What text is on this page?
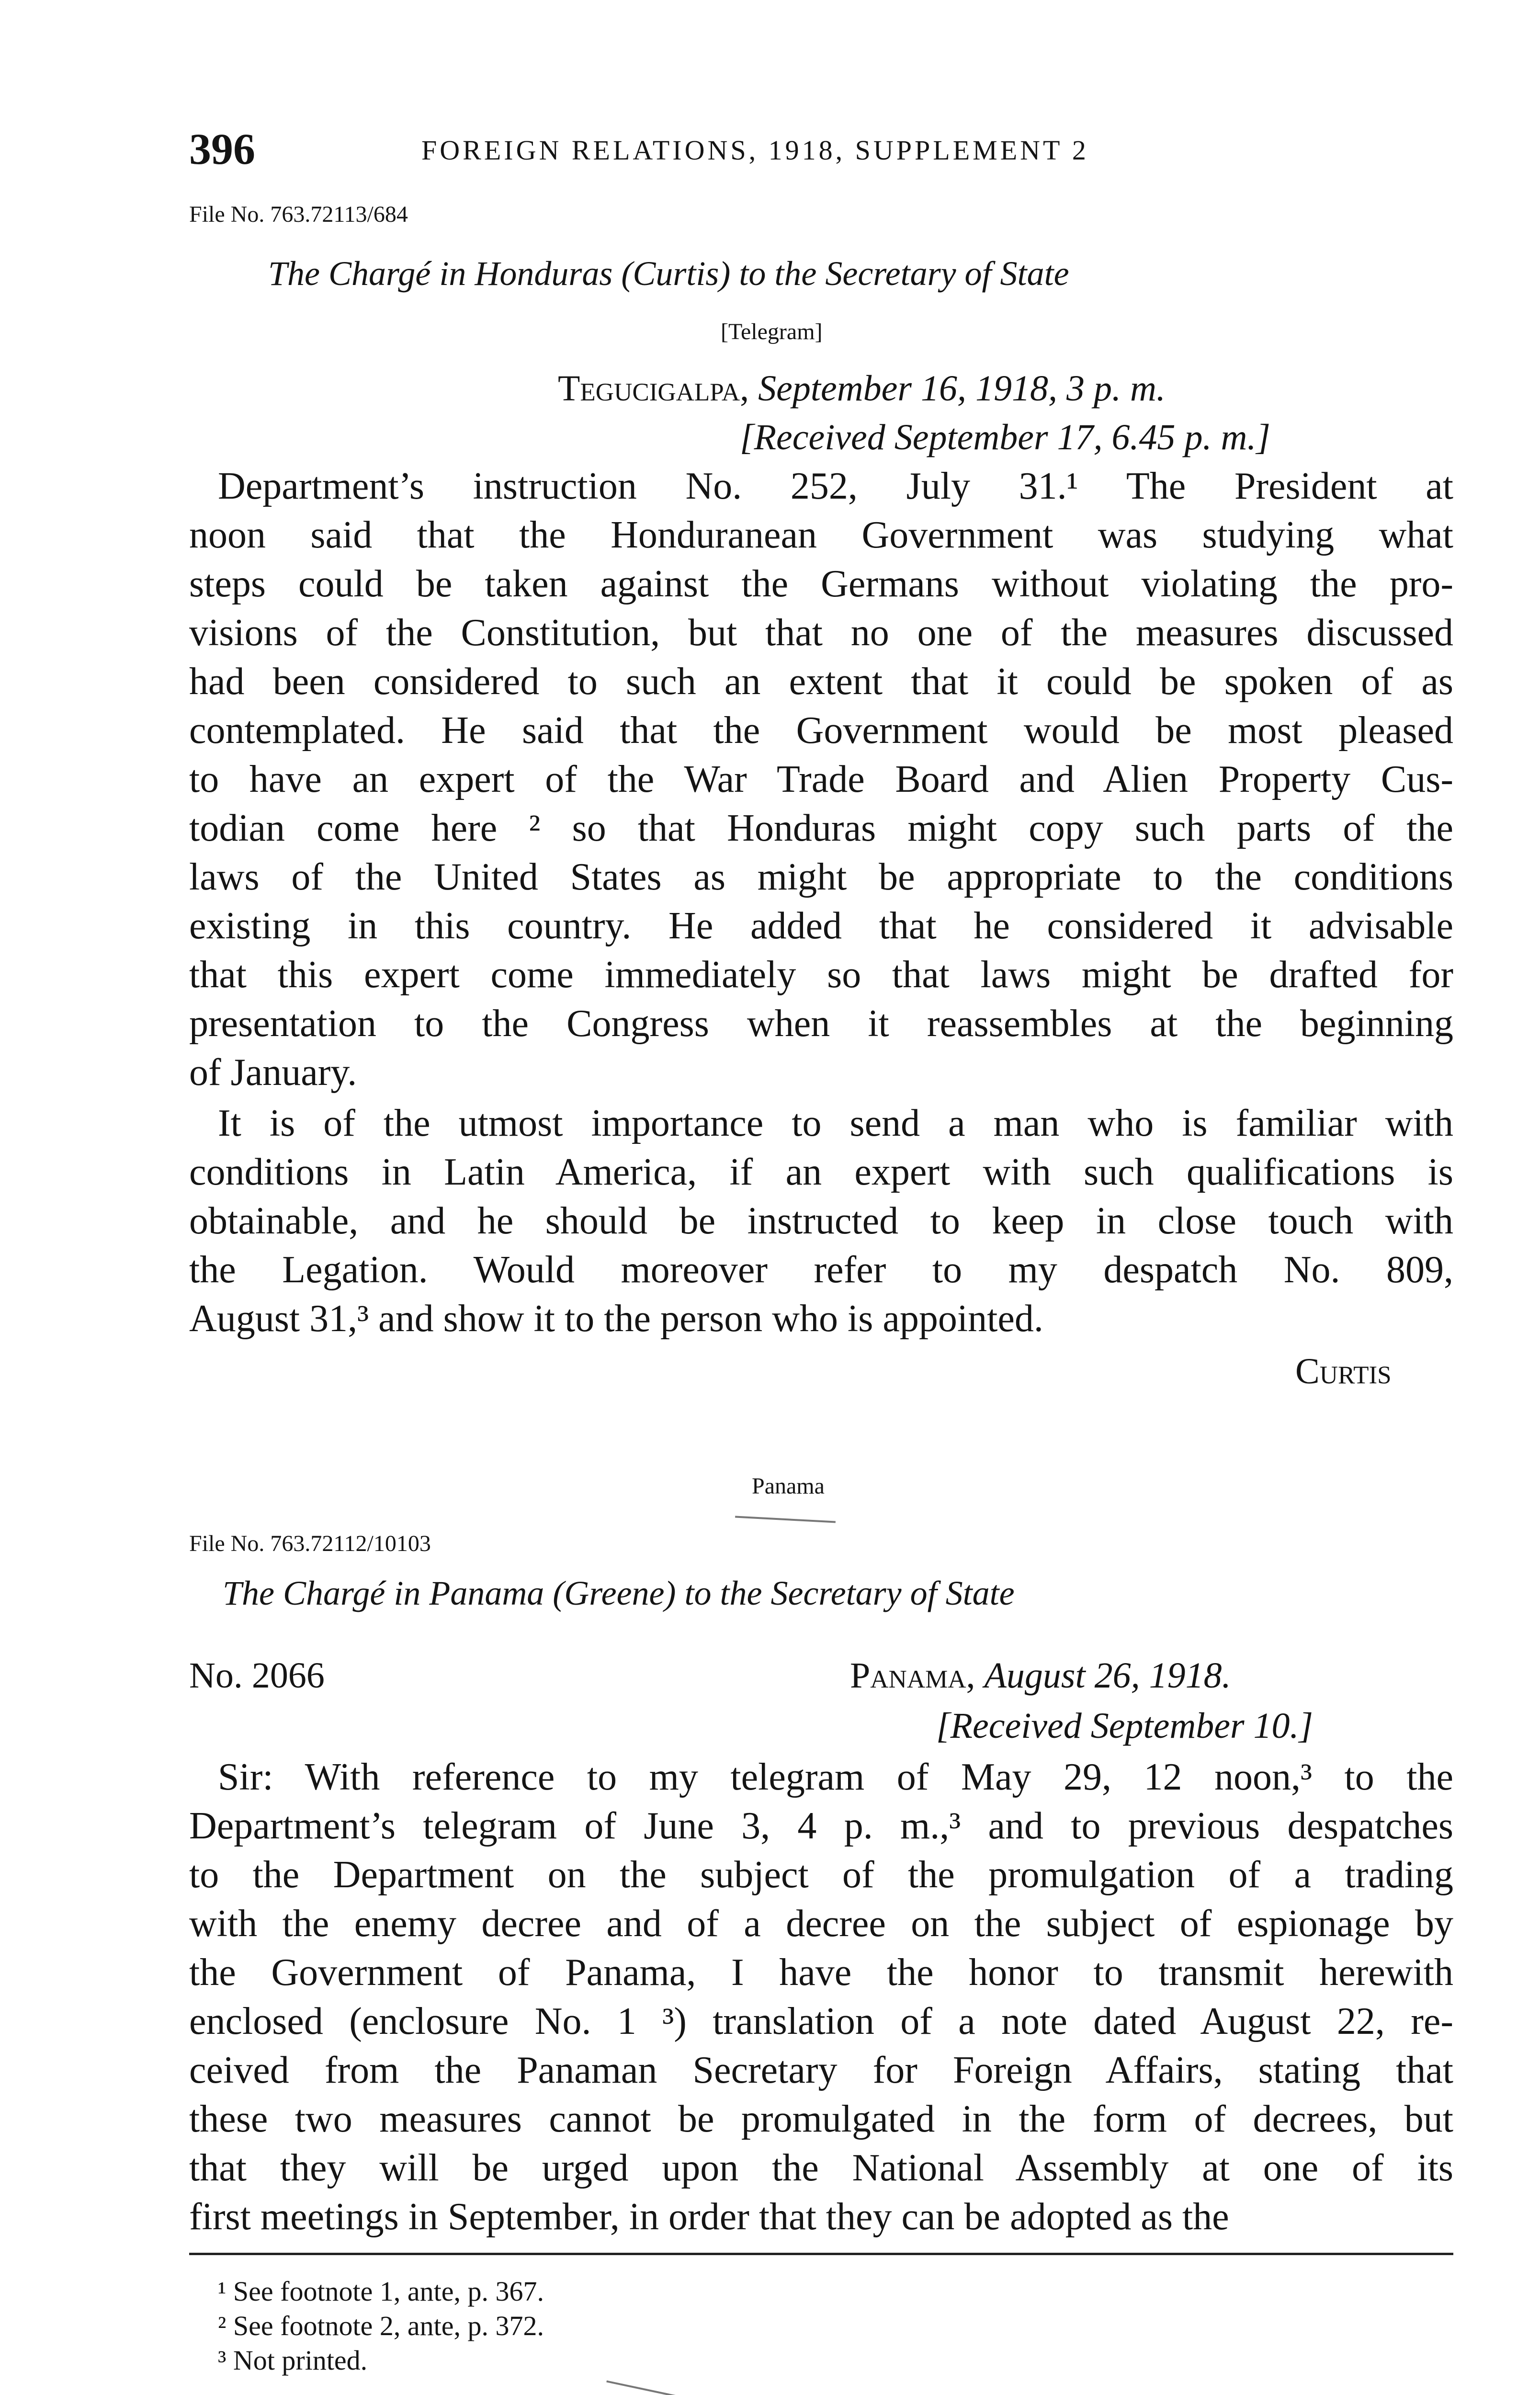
396	FOREIGN RELATIONS, 1918, SUPPLEMENT 2
File No. 763.72113/684
The Chargé in Honduras (Curtis) to the Secretary of State
[Telegram]
Tegucigalpa, September 16, 1918, 3 p. m.
[Received September 17, 6.45 p. m.]
Department’s instruction No. 252, July 31.¹ The President at
noon said that the Honduranean Government was studying what
steps could be taken against the Germans without violating the pro-
visions of the Constitution, but that no one of the measures discussed
had been considered to such an extent that it could be spoken of as
contemplated. He said that the Government would be most pleased
to have an expert of the War Trade Board and Alien Property Cus-
todian come here ² so that Honduras might copy such parts of the
laws of the United States as might be appropriate to the conditions
existing in this country. He added that he considered it advisable
that this expert come immediately so that laws might be drafted for
presentation to the Congress when it reassembles at the beginning
of January.
It is of the utmost importance to send a man who is familiar with
conditions in Latin America, if an expert with such qualifications is
obtainable, and he should be instructed to keep in close touch with
the Legation. Would moreover refer to my despatch No. 809,
August 31,³ and show it to the person who is appointed.
Curtis
Panama
File No. 763.72112/10103
The Chargé in Panama (Greene) to the Secretary of State
No. 2066	Panama, August 26, 1918.
[Received September 10.]
Sir: With reference to my telegram of May 29, 12 noon,³ to the
Department’s telegram of June 3, 4 p. m.,³ and to previous despatches
to the Department on the subject of the promulgation of a trading
with the enemy decree and of a decree on the subject of espionage by
the Government of Panama, I have the honor to transmit herewith
enclosed (enclosure No. 1 ³) translation of a note dated August 22, re-
ceived from the Panaman Secretary for Foreign Affairs, stating that
these two measures cannot be promulgated in the form of decrees, but
that they will be urged upon the National Assembly at one of its
first meetings in September, in order that they can be adopted as the
¹ See footnote 1, ante, p. 367.
² See footnote 2, ante, p. 372.
³ Not printed.
